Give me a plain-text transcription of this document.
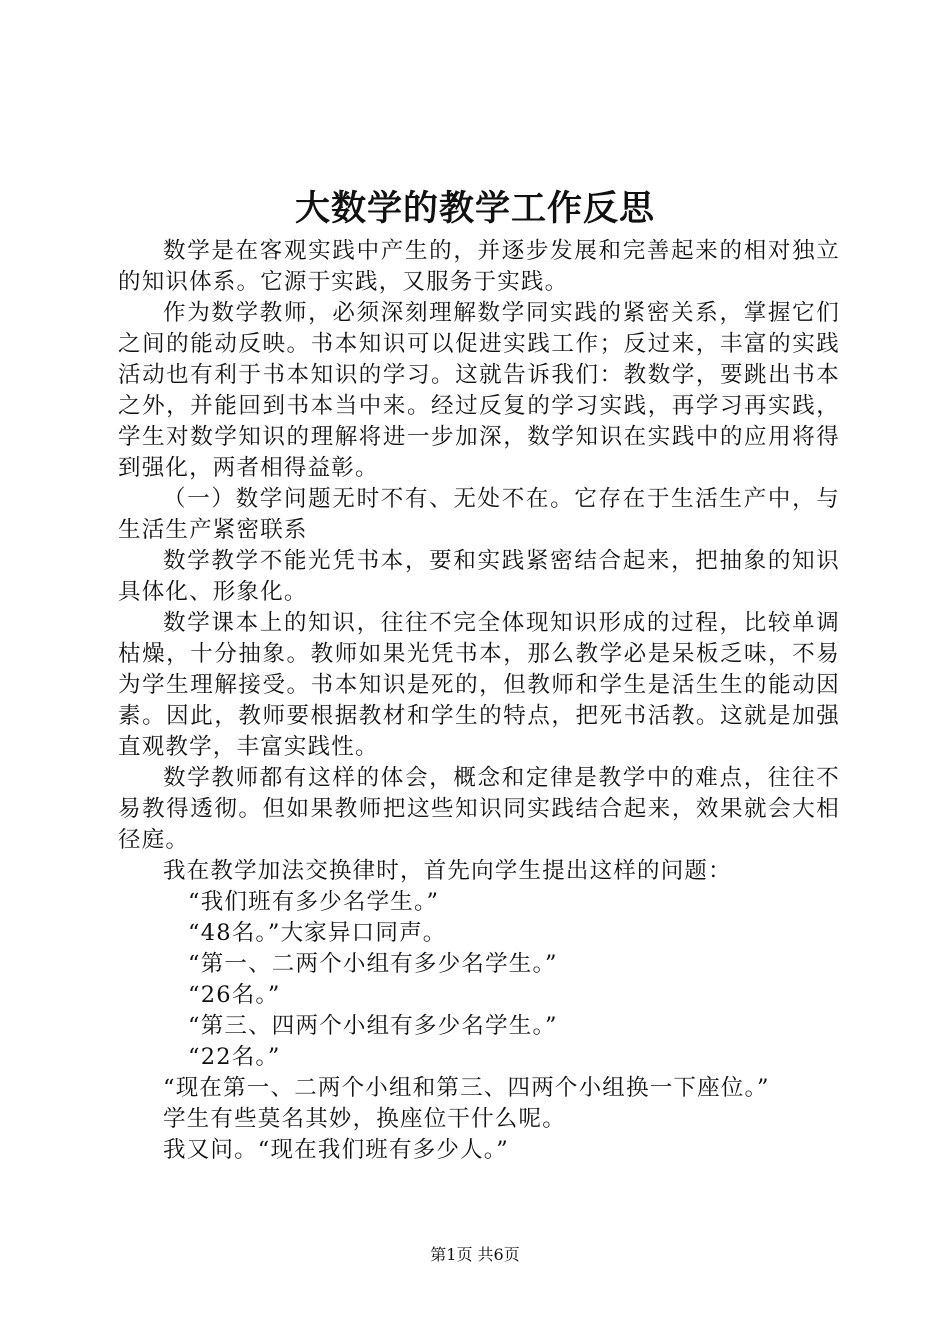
大数学的教学工作反思

数学是在客观实践中产生的，并逐步发展和完善起来的相对独立的知识体系。它源于实践，又服务于实践。

作为数学教师，必须深刻理解数学同实践的紧密关系，掌握它们之间的能动反映。书本知识可以促进实践工作；反过来，丰富的实践活动也有利于书本知识的学习。这就告诉我们：教数学，要跳出书本之外，并能回到书本当中来。经过反复的学习实践，再学习再实践，学生对数学知识的理解将进一步加深，数学知识在实践中的应用将得到强化，两者相得益彰。

（一）数学问题无时不有、无处不在。它存在于生活生产中，与生活生产紧密联系

数学教学不能光凭书本，要和实践紧密结合起来，把抽象的知识具体化、形象化。

数学课本上的知识，往往不完全体现知识形成的过程，比较单调枯燥，十分抽象。教师如果光凭书本，那么教学必是呆板乏味，不易为学生理解接受。书本知识是死的，但教师和学生是活生生的能动因素。因此，教师要根据教材和学生的特点，把死书活教。这就是加强直观教学，丰富实践性。

数学教师都有这样的体会，概念和定律是教学中的难点，往往不易教得透彻。但如果教师把这些知识同实践结合起来，效果就会大相径庭。

我在教学加法交换律时，首先向学生提出这样的问题：

“我们班有多少名学生。”

“48名。”大家异口同声。

“第一、二两个小组有多少名学生。”

“26名。”

“第三、四两个小组有多少名学生。”

“22名。”

“现在第一、二两个小组和第三、四两个小组换一下座位。”

学生有些莫名其妙，换座位干什么呢。

我又问。“现在我们班有多少人。”

第1页 共6页
